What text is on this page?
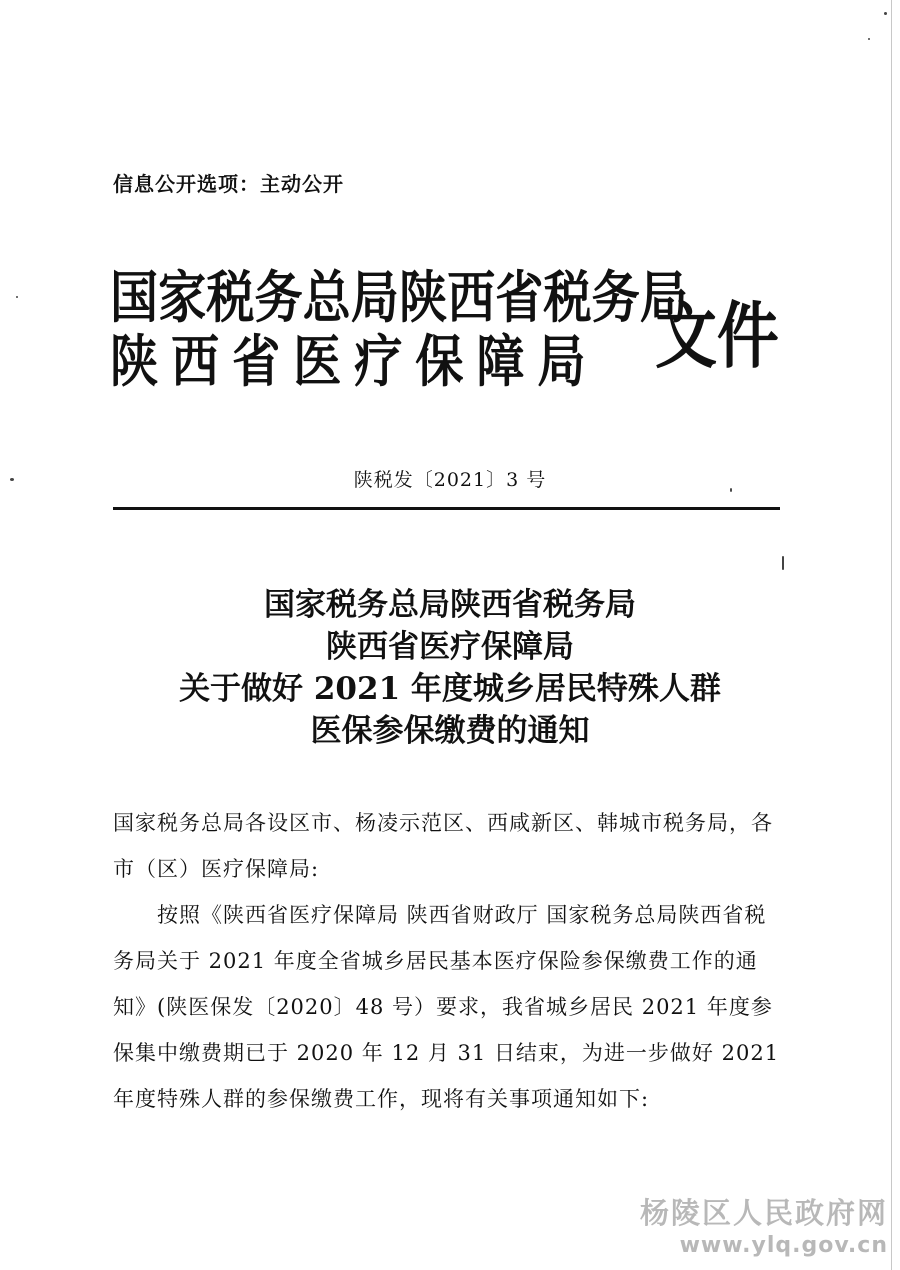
信息公开选项：主动公开
国家税务总局陕西省税务局
陕西省医疗保障局 文件
陕税发〔2021〕3 号
国家税务总局陕西省税务局
陕西省医疗保障局
关于做好 2021 年度城乡居民特殊人群
医保参保缴费的通知

国家税务总局各设区市、杨凌示范区、西咸新区、韩城市税务局，各市（区）医疗保障局:

按照《陕西省医疗保障局 陕西省财政厅 国家税务总局陕西省税务局关于 2021 年度全省城乡居民基本医疗保险参保缴费工作的通知》(陕医保发〔2020〕48 号）要求，我省城乡居民 2021 年度参保集中缴费期已于 2020 年 12 月 31 日结束，为进一步做好 2021 年度特殊人群的参保缴费工作，现将有关事项通知如下:

杨陵区人民政府网
www.ylq.gov.cn
